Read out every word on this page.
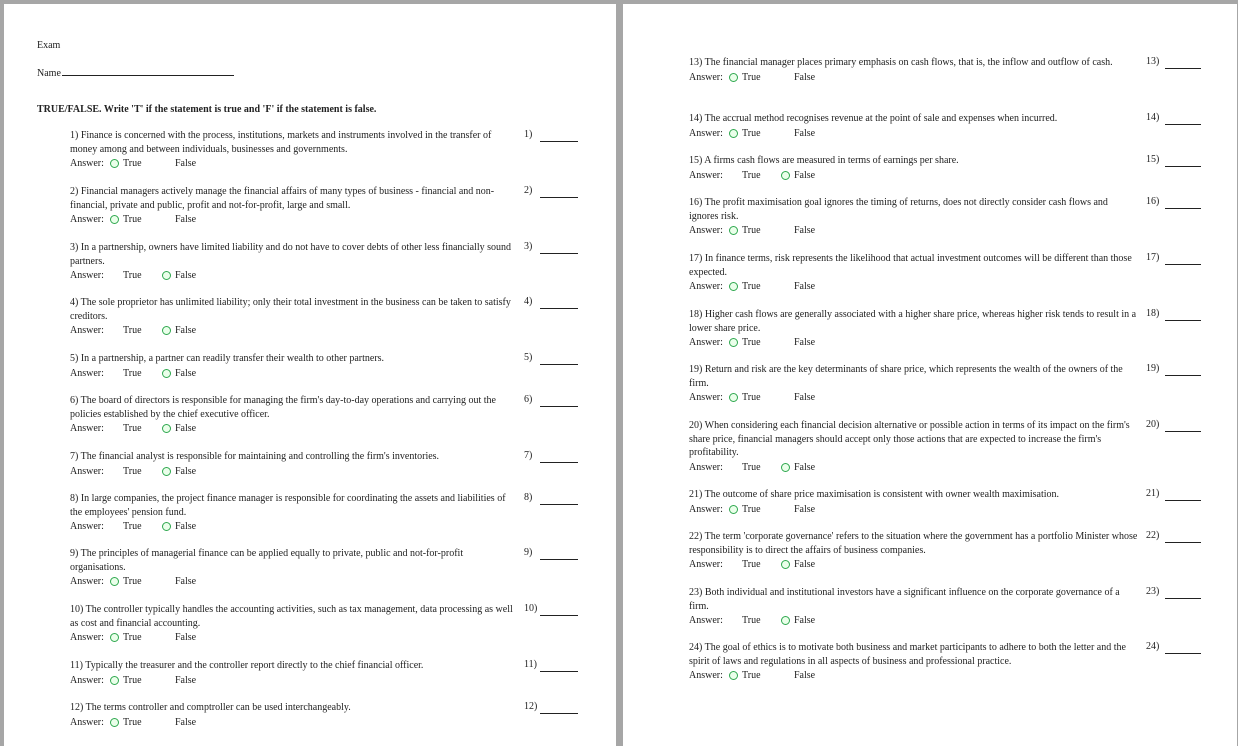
Exam
Name
TRUE/FALSE. Write 'T' if the statement is true and 'F' if the statement is false.
1) Finance is concerned with the process, institutions, markets and instruments involved in the transfer of money among and between individuals, businesses and governments.
Answer:	True	False
1)
2) Financial managers actively manage the financial affairs of many types of business - financial and non-financial, private and public, profit and not-for-profit, large and small.
Answer:	True	False
2)
3) In a partnership, owners have limited liability and do not have to cover debts of other less financially sound partners.
Answer:	True	False
3)
4) The sole proprietor has unlimited liability; only their total investment in the business can be taken to satisfy creditors.
Answer:	True	False
4)
5) In a partnership, a partner can readily transfer their wealth to other partners.
Answer:	True	False
5)
6) The board of directors is responsible for managing the firm's day-to-day operations and carrying out the policies established by the chief executive officer.
Answer:	True	False
6)
7) The financial analyst is responsible for maintaining and controlling the firm's inventories.
Answer:	True	False
7)
8) In large companies, the project finance manager is responsible for coordinating the assets and liabilities of the employees' pension fund.
Answer:	True	False
8)
9) The principles of managerial finance can be applied equally to private, public and not-for-profit organisations.
Answer:	True	False
9)
10) The controller typically handles the accounting activities, such as tax management, data processing as well as cost and financial accounting.
Answer:	True	False
10)
11) Typically the treasurer and the controller report directly to the chief financial officer.
Answer:	True	False
11)
12) The terms controller and comptroller can be used interchangeably.
Answer:	True	False
12)
13) The financial manager places primary emphasis on cash flows, that is, the inflow and outflow of cash.
Answer:	True	False
13)
14) The accrual method recognises revenue at the point of sale and expenses when incurred.
Answer:	True	False
14)
15) A firms cash flows are measured in terms of earnings per share.
Answer:	True	False
15)
16) The profit maximisation goal ignores the timing of returns, does not directly consider cash flows and ignores risk.
Answer:	True	False
16)
17) In finance terms, risk represents the likelihood that actual investment outcomes will be different than those expected.
Answer:	True	False
17)
18) Higher cash flows are generally associated with a higher share price, whereas higher risk tends to result in a lower share price.
Answer:	True	False
18)
19) Return and risk are the key determinants of share price, which represents the wealth of the owners of the firm.
Answer:	True	False
19)
20) When considering each financial decision alternative or possible action in terms of its impact on the firm's share price, financial managers should accept only those actions that are expected to increase the firm's profitability.
Answer:	True	False
20)
21) The outcome of share price maximisation is consistent with owner wealth maximisation.
Answer:	True	False
21)
22) The term 'corporate governance' refers to the situation where the government has a portfolio Minister whose responsibility is to direct the affairs of business companies.
Answer:	True	False
22)
23) Both individual and institutional investors have a significant influence on the corporate governance of a firm.
Answer:	True	False
23)
24) The goal of ethics is to motivate both business and market participants to adhere to both the letter and the spirit of laws and regulations in all aspects of business and professional practice.
Answer:	True	False
24)
